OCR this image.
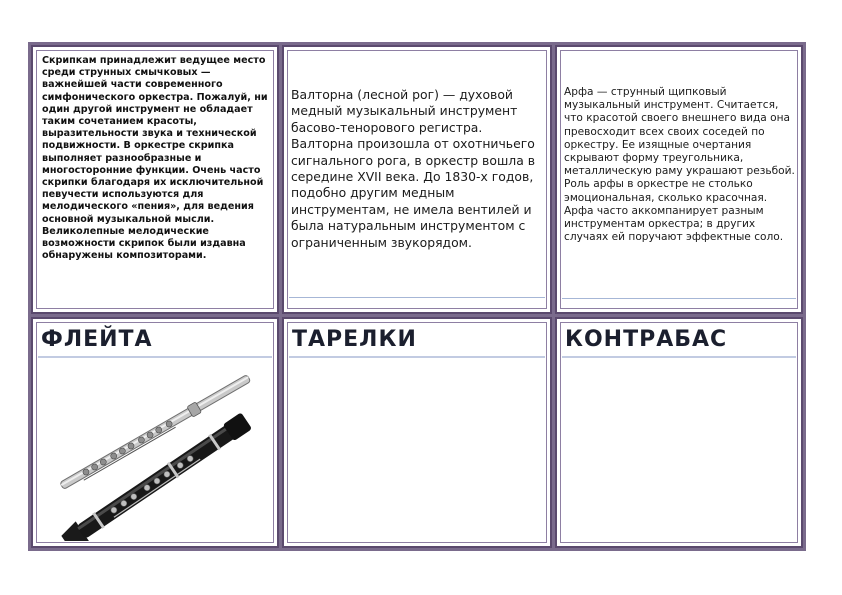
Скрипкам принадлежит ведущее место среди струнных смычковых — важнейшей части современного симфонического оркестра. Пожалуй, ни один другой инструмент не обладает таким сочетанием красоты, выразительности звука и технической подвижности. В оркестре скрипка выполняет разнообразные и многосторонние функции. Очень часто скрипки благодаря их исключительной певучести используются для мелодического «пения», для ведения основной музыкальной мысли. Великолепные мелодические возможности скрипок были издавна обнаружены композиторами.
Валторна (лесной рог) — духовой медный музыкальный инструмент басово-тенорового регистра.
Валторна произошла от охотничьего сигнального рога, в оркестр вошла в середине XVII века. До 1830-х годов, подобно другим медным инструментам, не имела вентилей и была натуральным инструментом с ограниченным звукорядом.
Арфа — струнный щипковый музыкальный инструмент. Считается, что красотой своего внешнего вида она превосходит всех своих соседей по оркестру. Ее изящные очертания скрывают форму треугольника, металлическую раму украшают резьбой. Роль арфы в оркестре не столько эмоциональная, сколько красочная. Арфа часто аккомпанирует разным инструментам оркестра; в других случаях ей поручают эффектные соло.
ФЛЕЙТА	ТАРЕЛКИ	КОНТРАБАС
